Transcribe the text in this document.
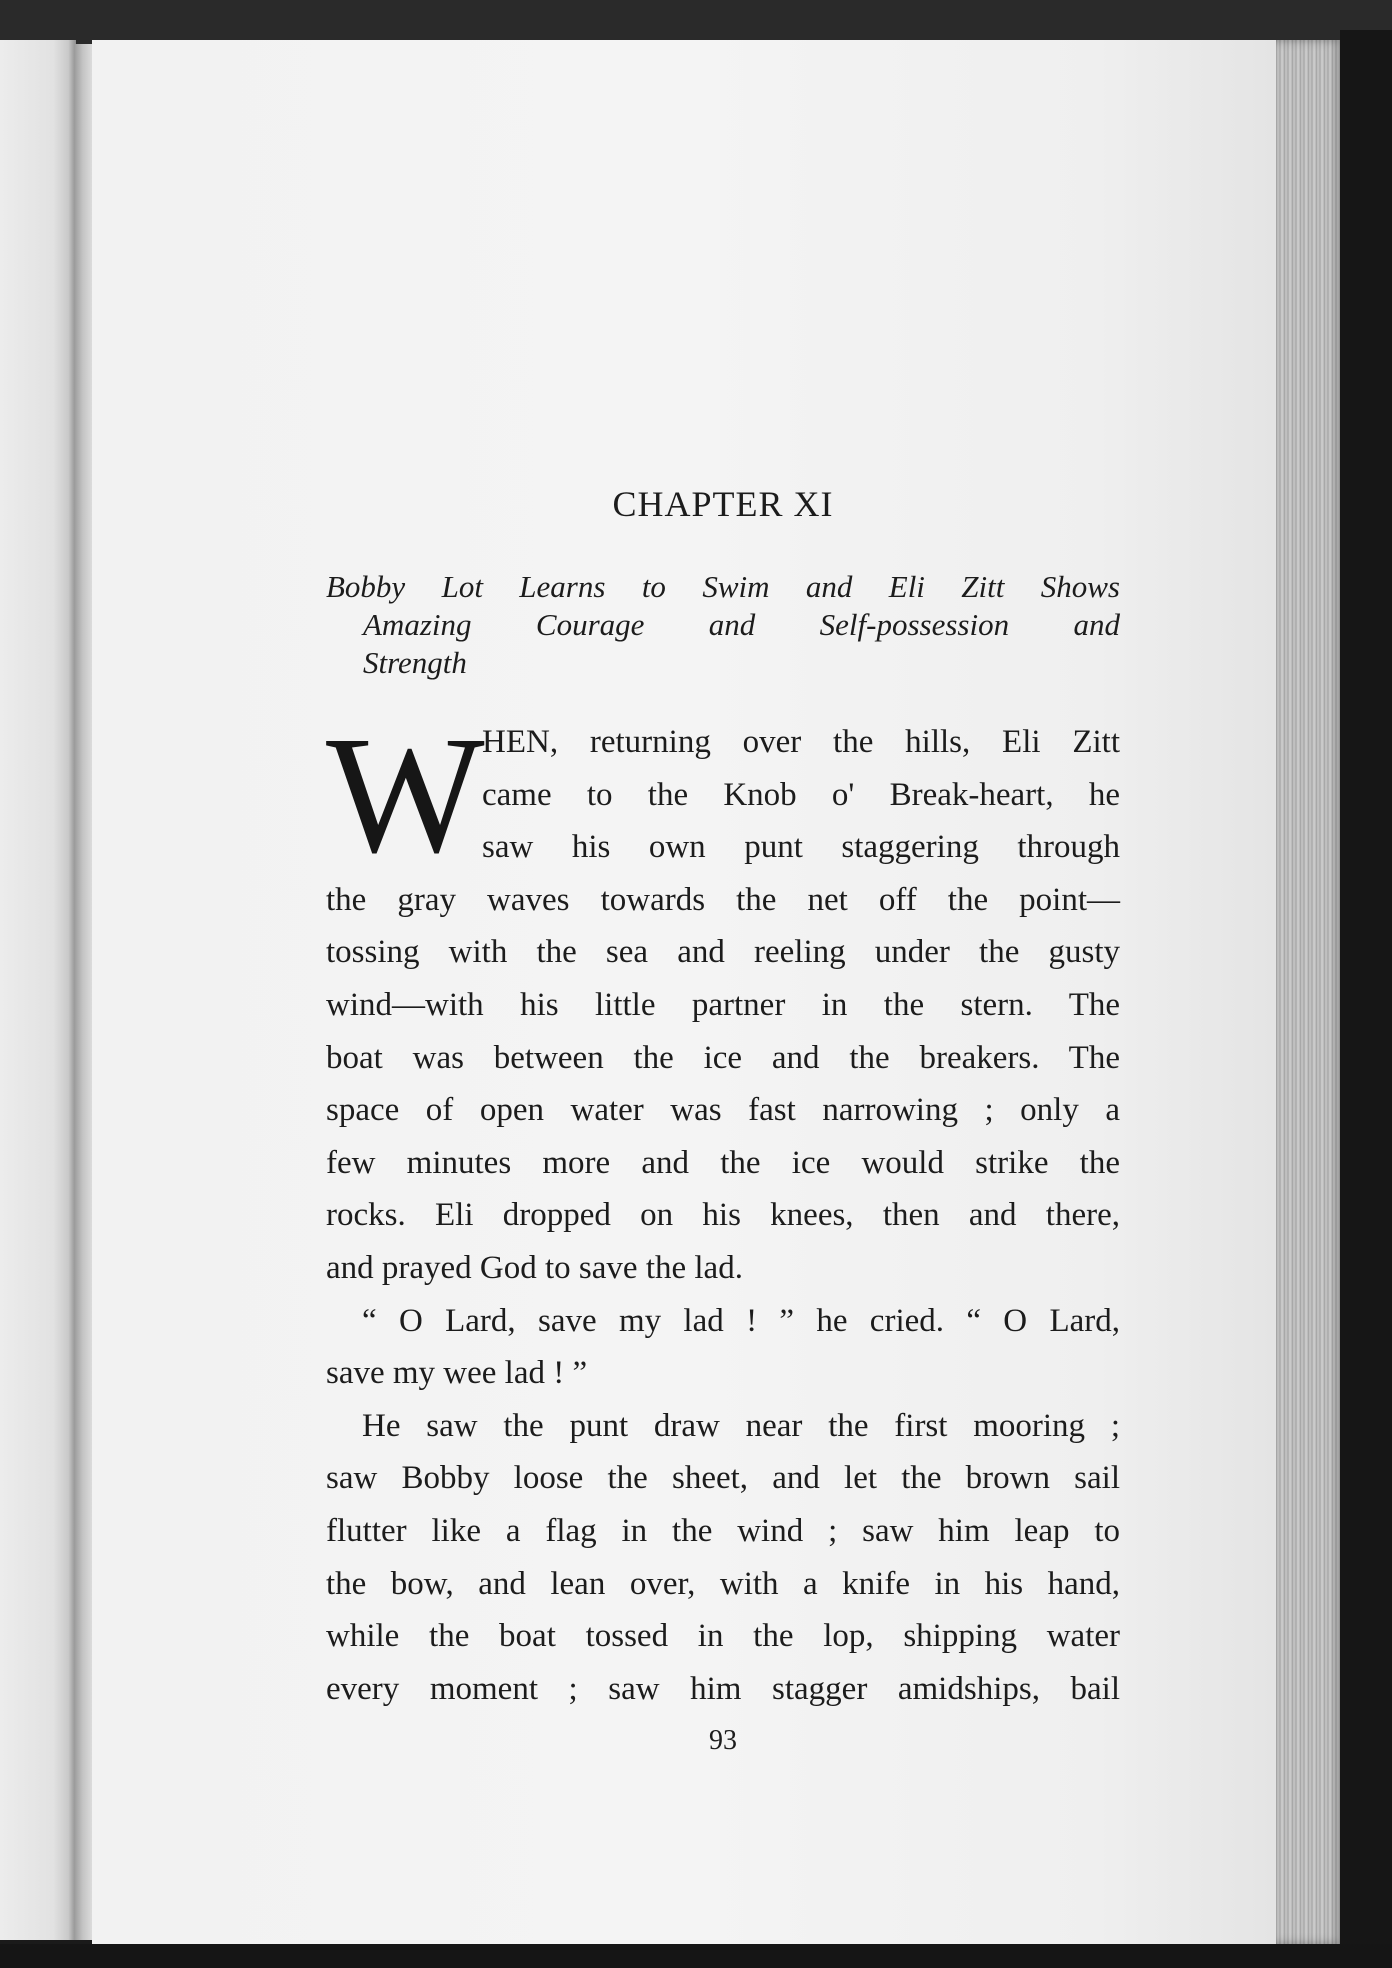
CHAPTER XI
Bobby Lot Learns to Swim and Eli Zitt Shows
Amazing Courage and Self-possession and
Strength
W
HEN, returning over the hills, Eli Zitt
came to the Knob o' Break-heart, he
saw his own punt staggering through
the gray waves towards the net off the point—
tossing with the sea and reeling under the gusty
wind—with his little partner in the stern. The
boat was between the ice and the breakers. The
space of open water was fast narrowing ; only a
few minutes more and the ice would strike the
rocks. Eli dropped on his knees, then and there,
and prayed God to save the lad.
“ O Lard, save my lad ! ” he cried. “ O Lard,
save my wee lad ! ”
He saw the punt draw near the first mooring ;
saw Bobby loose the sheet, and let the brown sail
flutter like a flag in the wind ; saw him leap to
the bow, and lean over, with a knife in his hand,
while the boat tossed in the lop, shipping water
every moment ; saw him stagger amidships, bail
93
